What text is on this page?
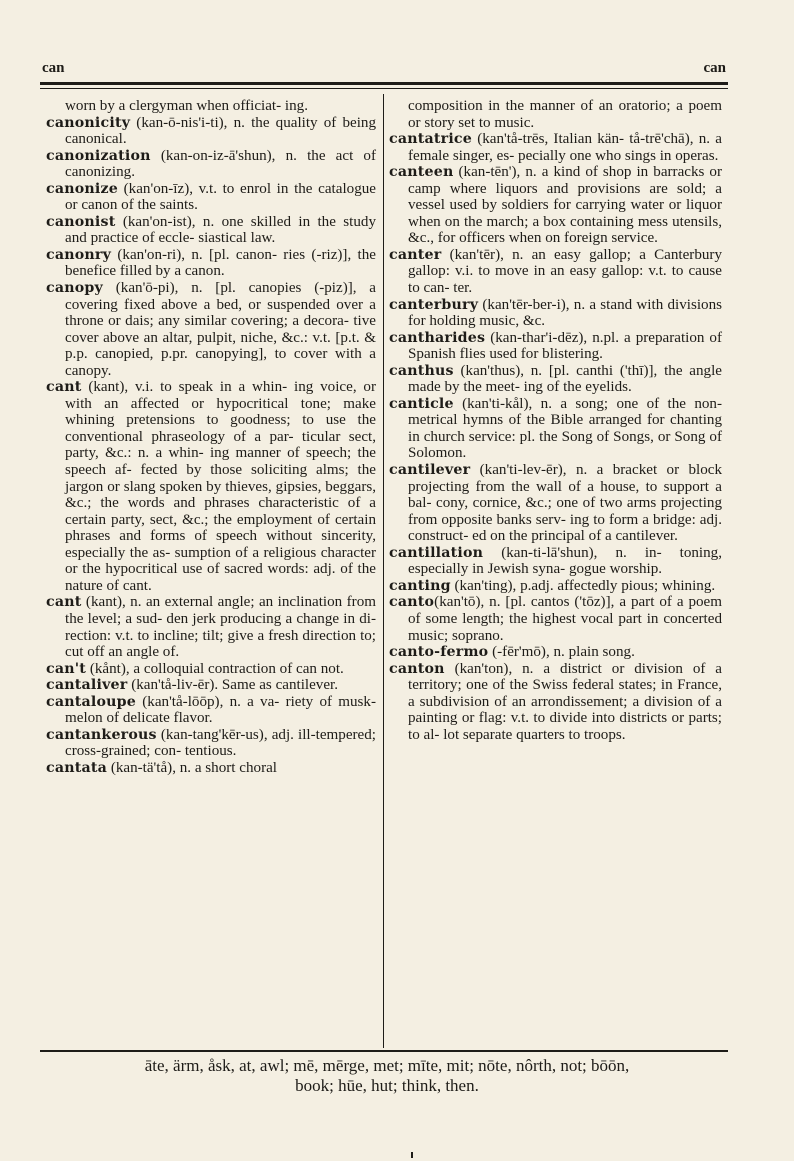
can	can

worn by a clergyman when officiat- ing.

canonicity (kan-ō-nis'i-ti), n. the quality of being canonical.

canonization (kan-on-iz-ā'shun), n. the act of canonizing.

canonize (kan'on-īz), v.t. to enrol in the catalogue or canon of the saints.

canonist (kan'on-ist), n. one skilled in the study and practice of eccle- siastical law.

canonry (kan'on-ri), n. [pl. canon- ries (-riz)], the benefice filled by a canon.

canopy (kan'ō-pi), n. [pl. canopies (-piz)], a covering fixed above a bed, or suspended over a throne or dais; any similar covering; a decora- tive cover above an altar, pulpit, niche, &c.: v.t. [p.t. & p.p. canopied, p.pr. canopying], to cover with a canopy.

cant (kant), v.i. to speak in a whin- ing voice, or with an affected or hypocritical tone; make whining pretensions to goodness; to use the conventional phraseology of a par- ticular sect, party, &c.: n. a whin- ing manner of speech; the speech af- fected by those soliciting alms; the jargon or slang spoken by thieves, gipsies, beggars, &c.; the words and phrases characteristic of a certain party, sect, &c.; the employment of certain phrases and forms of speech without sincerity, especially the as- sumption of a religious character or the hypocritical use of sacred words: adj. of the nature of cant.

cant (kant), n. an external angle; an inclination from the level; a sud- den jerk producing a change in di- rection: v.t. to incline; tilt; give a fresh direction to; cut off an angle of.

can't (kånt), a colloquial contraction of can not.

cantaliver (kan'tå-liv-ēr). Same as cantilever.

cantaloupe (kan'tå-lōōp), n. a va- riety of musk-melon of delicate flavor.

cantankerous (kan-tang'kēr-us), adj. ill-tempered; cross-grained; con- tentious.

cantata (kan-tä'tå), n. a short choral

composition in the manner of an oratorio; a poem or story set to music.

cantatrice (kan'tå-trēs, Italian kän- tå-trē'chā), n. a female singer, es- pecially one who sings in operas.

canteen (kan-tēn'), n. a kind of shop in barracks or camp where liquors and provisions are sold; a vessel used by soldiers for carrying water or liquor when on the march; a box containing mess utensils, &c., for officers when on foreign service.

canter (kan'tēr), n. an easy gallop; a Canterbury gallop: v.i. to move in an easy gallop: v.t. to cause to can- ter.

canterbury (kan'tēr-ber-i), n. a stand with divisions for holding music, &c.

cantharides (kan-thar'i-dēz), n.pl. a preparation of Spanish flies used for blistering.

canthus (kan'thus), n. [pl. canthi ('thī)], the angle made by the meet- ing of the eyelids.

canticle (kan'ti-kål), n. a song; one of the non-metrical hymns of the Bible arranged for chanting in church service: pl. the Song of Songs, or Song of Solomon.

cantilever (kan'ti-lev-ēr), n. a bracket or block projecting from the wall of a house, to support a bal- cony, cornice, &c.; one of two arms projecting from opposite banks serv- ing to form a bridge: adj. construct- ed on the principal of a cantilever.

cantillation (kan-ti-lā'shun), n. in- toning, especially in Jewish syna- gogue worship.

canting (kan'ting), p.adj. affectedly pious; whining.

canto(kan'tō), n. [pl. cantos ('tōz)], a part of a poem of some length; the highest vocal part in concerted music; soprano.

canto-fermo (-fēr'mō), n. plain song.

canton (kan'ton), n. a district or division of a territory; one of the Swiss federal states; in France, a subdivision of an arrondissement; a division of a painting or flag: v.t. to divide into districts or parts; to al- lot separate quarters to troops.

āte, ärm, åsk, at, awl; mē, mērge, met; mīte, mit; nōte, nôrth, not; bōōn,
book; hūe, hut; think, then.
